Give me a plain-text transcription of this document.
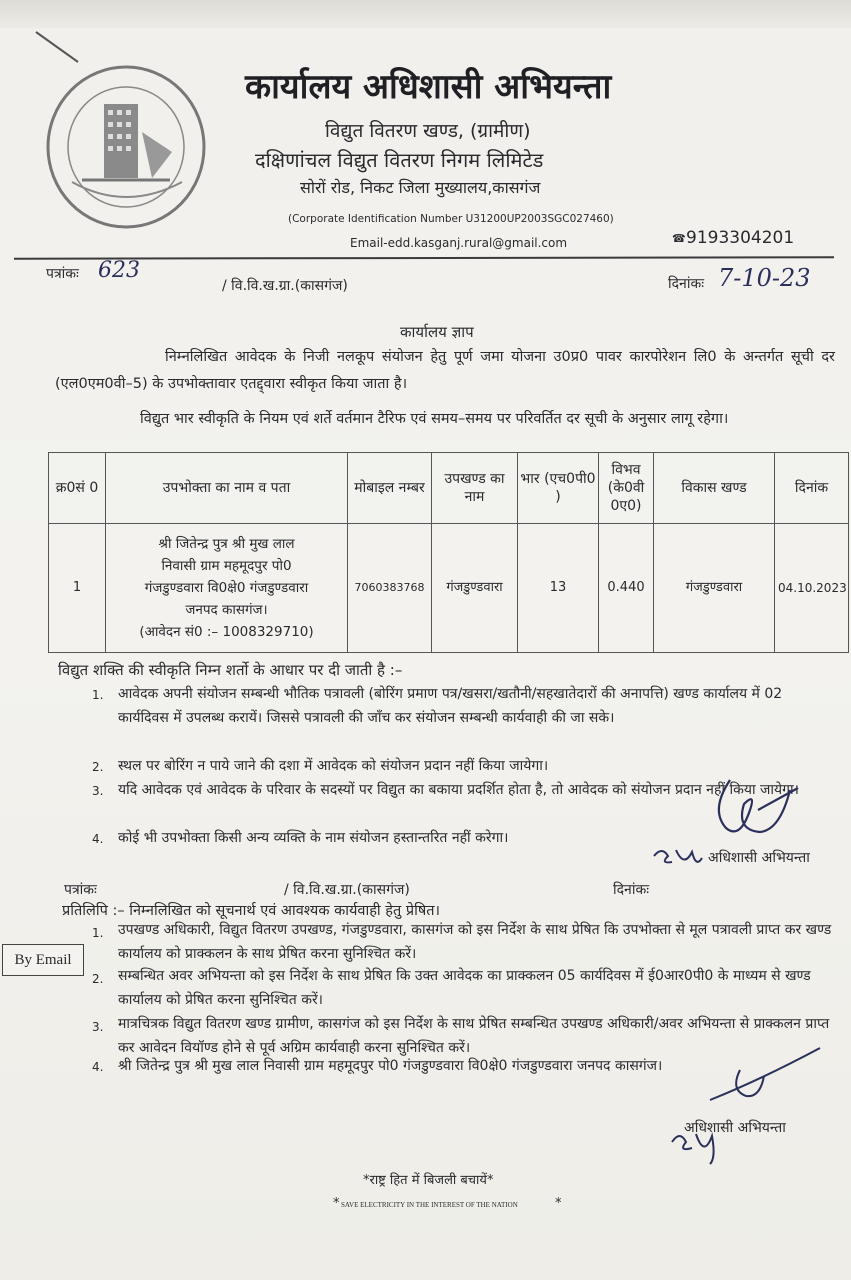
कार्यालय अधिशासी अभियन्ता
विद्युत वितरण खण्ड, (ग्रामीण)
दक्षिणांचल विद्युत वितरण निगम लिमिटेड
सोरों रोड, निकट जिला मुख्यालय,कासगंज
(Corporate Identification Number U31200UP2003SGC027460)
Email-edd.kasganj.rural@gmail.com	☎ 9193304201
पत्रांकः 623
/ वि.वि.ख.ग्रा.(कासगंज)	दिनांकः 7-10-23
कार्यालय ज्ञाप
निम्नलिखित आवेदक के निजी नलकूप संयोजन हेतु पूर्ण जमा योजना उ0प्र0 पावर कारपोरेशन लि0 के अन्तर्गत सूची दर (एल0एम0वी–5) के उपभोक्तावार एतद्द्वारा स्वीकृत किया जाता है।
विद्युत भार स्वीकृति के नियम एवं शर्ते वर्तमान टैरिफ एवं समय–समय पर परिवर्तित दर सूची के अनुसार लागू रहेगा।
क्र0सं 0	उपभोक्ता का नाम व पता	मोबाइल नम्बर	उपखण्ड का नाम	भार (एच0पी0 )	विभव (के0वी 0ए0)	विकास खण्ड	दिनांक
1	श्री जितेन्द्र पुत्र श्री मुख लाल
निवासी ग्राम महमूदपुर पो0
गंजडुण्डवारा वि0क्षे0 गंजडुण्डवारा
जनपद कासगंज।
(आवेदन सं0 :– 1008329710)	7060383768	गंजडुण्डवारा	13	0.440	गंजडुण्डवारा	04.10.2023
विद्युत शक्ति की स्वीकृति निम्न शर्तो के आधार पर दी जाती है :–
1. आवेदक अपनी संयोजन सम्बन्धी भौतिक पत्रावली (बोरिंग प्रमाण पत्र/खसरा/खतौनी/सहखातेदारों की अनापत्ति) खण्ड कार्यालय में 02 कार्यदिवस में उपलब्ध करायें। जिससे पत्रावली की जाँच कर संयोजन सम्बन्धी कार्यवाही की जा सके।
2. स्थल पर बोरिंग न पाये जाने की दशा में आवेदक को संयोजन प्रदान नहीं किया जायेगा।
3. यदि आवेदक एवं आवेदक के परिवार के सदस्यों पर विद्युत का बकाया प्रदर्शित होता है, तो आवेदक को संयोजन प्रदान नहीं किया जायेगा।
4. कोई भी उपभोक्ता किसी अन्य व्यक्ति के नाम संयोजन हस्तान्तरित नहीं करेगा।
अधिशासी अभियन्ता
पत्रांकः	/ वि.वि.ख.ग्रा.(कासगंज)	दिनांकः
प्रतिलिपि :– निम्नलिखित को सूचनार्थ एवं आवश्यक कार्यवाही हेतु प्रेषित।
By Email
1. उपखण्ड अधिकारी, विद्युत वितरण उपखण्ड, गंजडुण्डवारा, कासगंज को इस निर्देश के साथ प्रेषित कि उपभोक्ता से मूल पत्रावली प्राप्त कर खण्ड कार्यालय को प्राक्कलन के साथ प्रेषित करना सुनिश्चित करें।
2. सम्बन्धित अवर अभियन्ता को इस निर्देश के साथ प्रेषित कि उक्त आवेदक का प्राक्कलन 05 कार्यदिवस में ई0आर0पी0 के माध्यम से खण्ड कार्यालय को प्रेषित करना सुनिश्चित करें।
3. मात्रचित्रक विद्युत वितरण खण्ड ग्रामीण, कासगंज को इस निर्देश के साथ प्रेषित सम्बन्धित उपखण्ड अधिकारी/अवर अभियन्ता से प्राक्कलन प्राप्त कर आवेदन वियॉण्ड होने से पूर्व अग्रिम कार्यवाही करना सुनिश्चित करें।
4. श्री जितेन्द्र पुत्र श्री मुख लाल निवासी ग्राम महमूदपुर पो0 गंजडुण्डवारा वि0क्षे0 गंजडुण्डवारा जनपद कासगंज।
अधिशासी अभियन्ता
*राष्ट्र हित में बिजली बचायें*
* SAVE ELECTRICITY IN THE INTEREST OF THE NATION	*
